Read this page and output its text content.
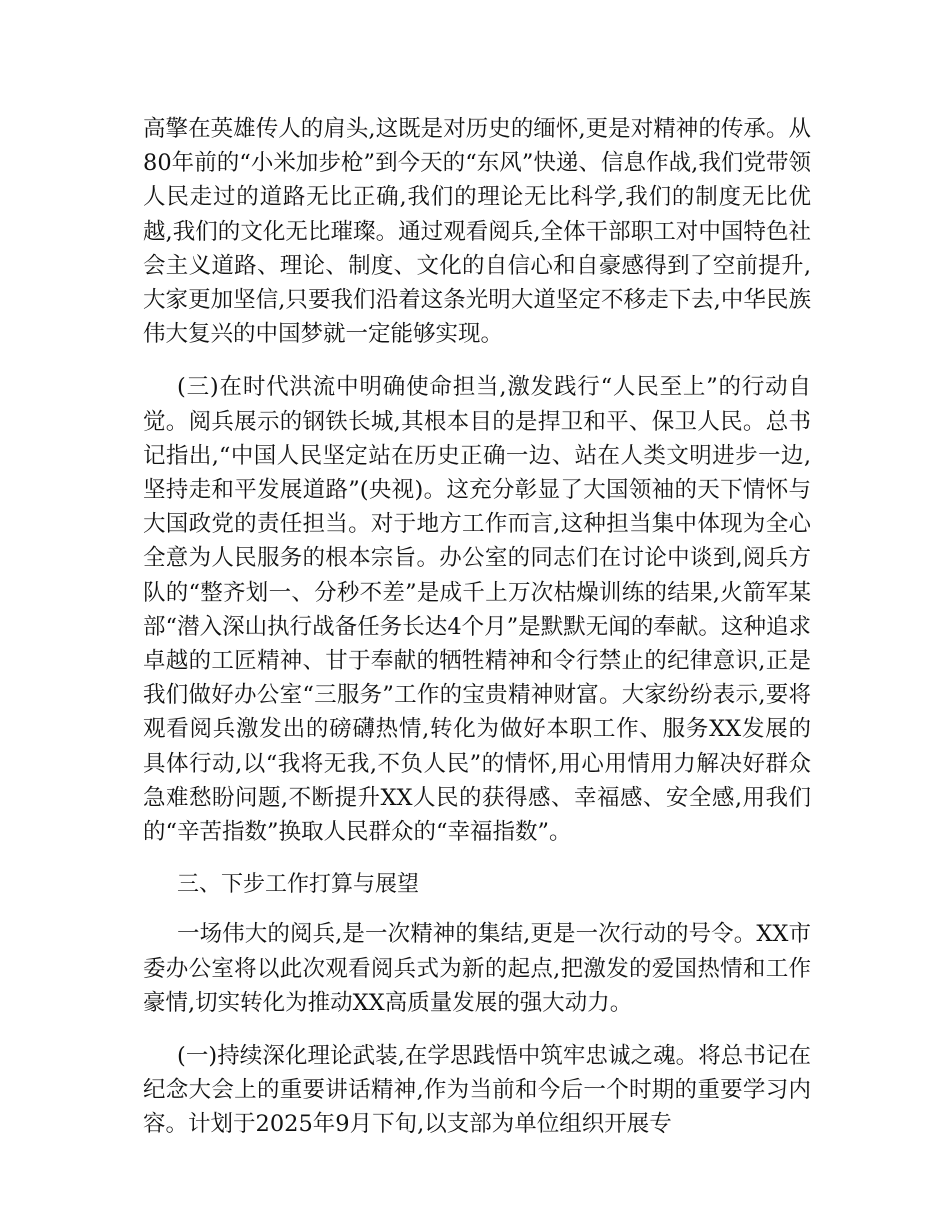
高擎在英雄传人的肩头,这既是对历史的缅怀,更是对精神的传承。从80年前的“小米加步枪”到今天的“东风”快递、信息作战,我们党带领人民走过的道路无比正确,我们的理论无比科学,我们的制度无比优越,我们的文化无比璀璨。通过观看阅兵,全体干部职工对中国特色社会主义道路、理论、制度、文化的自信心和自豪感得到了空前提升,大家更加坚信,只要我们沿着这条光明大道坚定不移走下去,中华民族伟大复兴的中国梦就一定能够实现。

(三)在时代洪流中明确使命担当,激发践行“人民至上”的行动自觉。阅兵展示的钢铁长城,其根本目的是捍卫和平、保卫人民。总书记指出,“中国人民坚定站在历史正确一边、站在人类文明进步一边,坚持走和平发展道路”(央视)。这充分彰显了大国领袖的天下情怀与大国政党的责任担当。对于地方工作而言,这种担当集中体现为全心全意为人民服务的根本宗旨。办公室的同志们在讨论中谈到,阅兵方队的“整齐划一、分秒不差”是成千上万次枯燥训练的结果,火箭军某部“潜入深山执行战备任务长达4个月”是默默无闻的奉献。这种追求卓越的工匠精神、甘于奉献的牺牲精神和令行禁止的纪律意识,正是我们做好办公室“三服务”工作的宝贵精神财富。大家纷纷表示,要将观看阅兵激发出的磅礴热情,转化为做好本职工作、服务XX发展的具体行动,以“我将无我,不负人民”的情怀,用心用情用力解决好群众急难愁盼问题,不断提升XX人民的获得感、幸福感、安全感,用我们的“辛苦指数”换取人民群众的“幸福指数”。

三、下步工作打算与展望

一场伟大的阅兵,是一次精神的集结,更是一次行动的号令。XX市委办公室将以此次观看阅兵式为新的起点,把激发的爱国热情和工作豪情,切实转化为推动XX高质量发展的强大动力。

(一)持续深化理论武装,在学思践悟中筑牢忠诚之魂。将总书记在纪念大会上的重要讲话精神,作为当前和今后一个时期的重要学习内容。计划于2025年9月下旬,以支部为单位组织开展专
